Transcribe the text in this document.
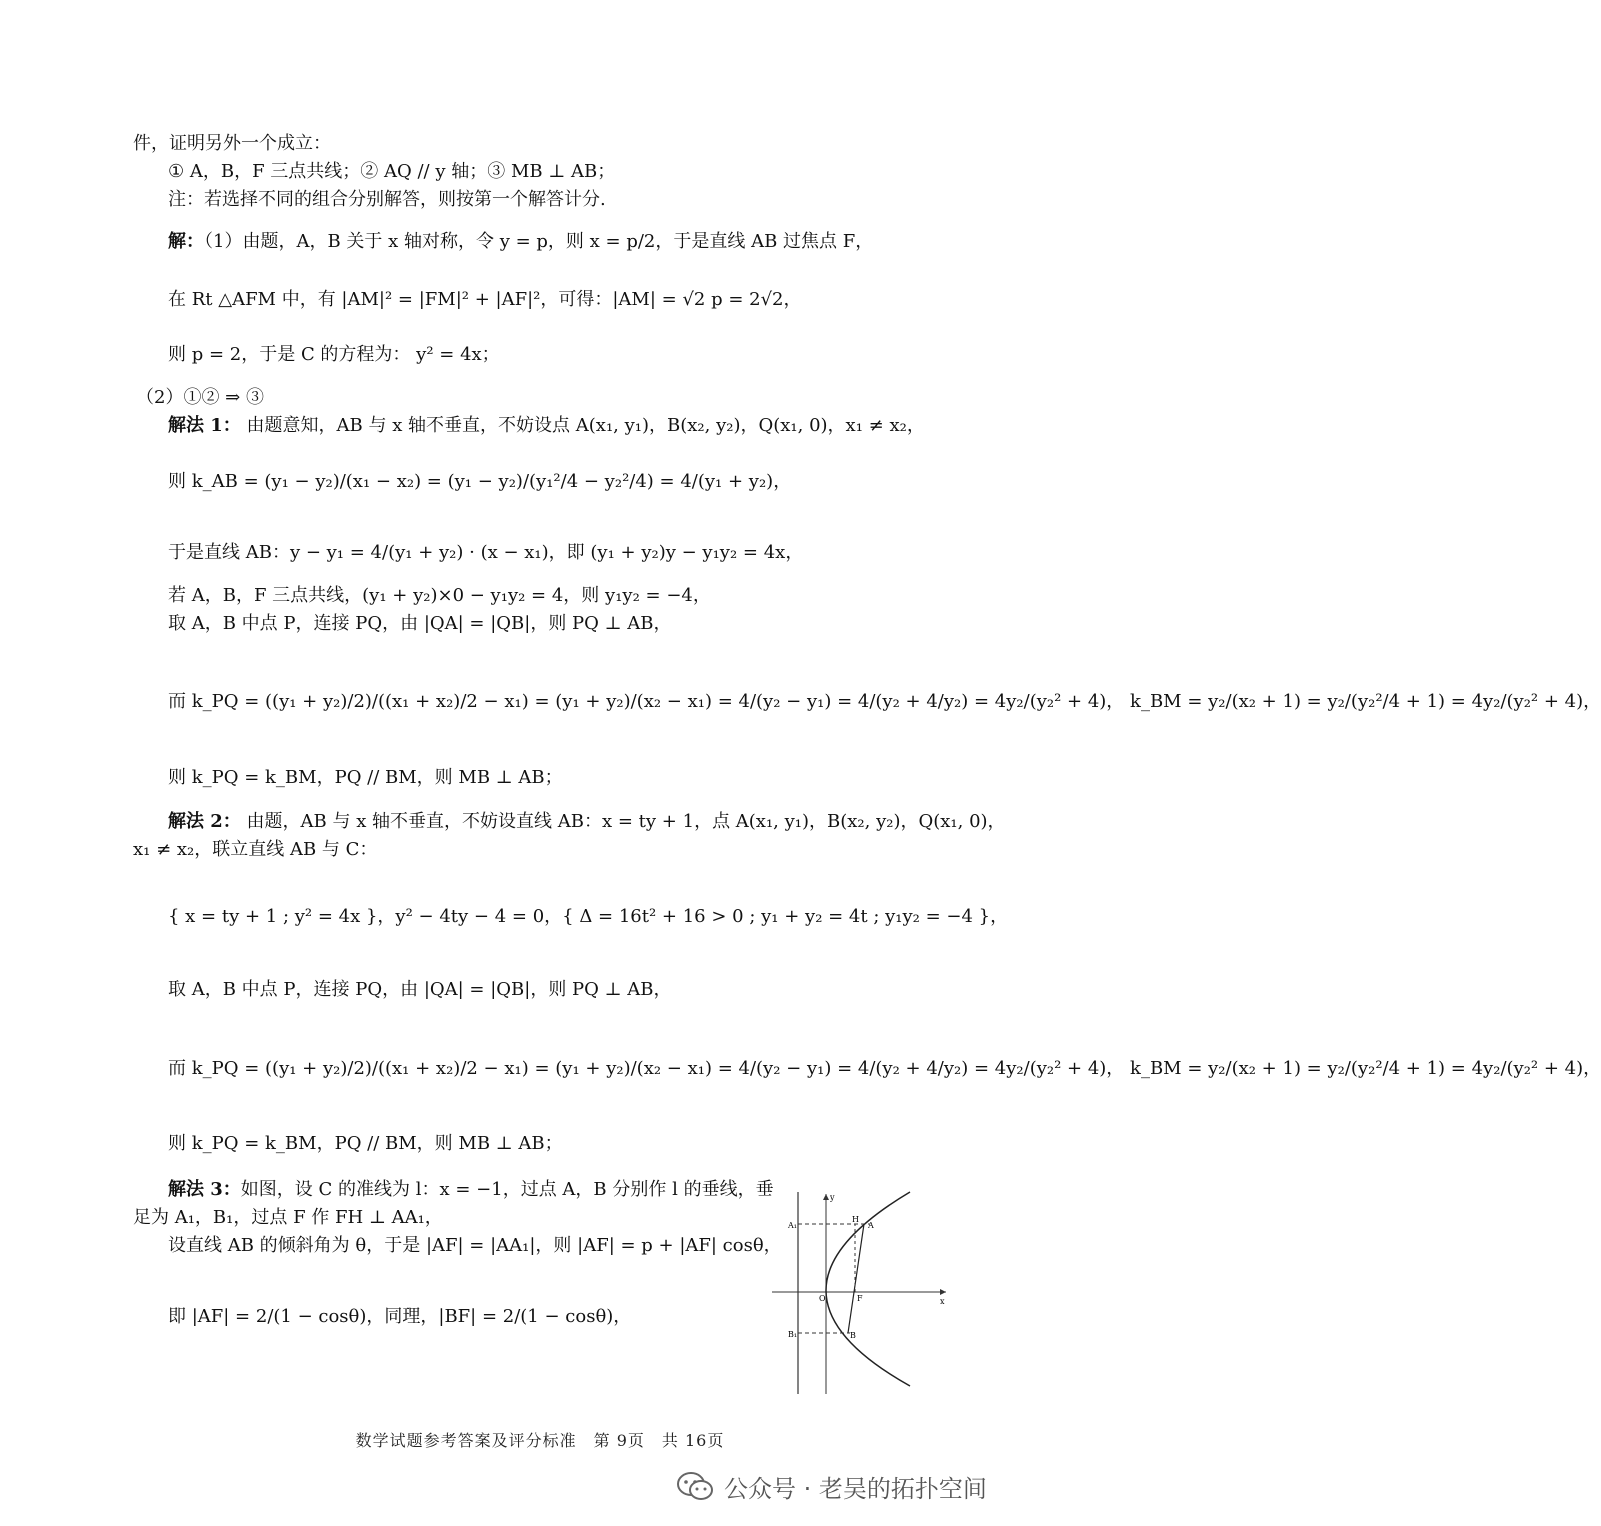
件，证明另外一个成立：
① A，B，F 三点共线；② AQ // y 轴；③ MB ⊥ AB；
注：若选择不同的组合分别解答，则按第一个解答计分.
解：（1）由题，A，B 关于 x 轴对称，令 y = p，则 x = p/2，于是直线 AB 过焦点 F，
在 Rt △AFM 中，有 |AM|² = |FM|² + |AF|²，可得：|AM| = √2 p = 2√2，
则 p = 2，于是 C 的方程为： y² = 4x；
（2）①② ⇒ ③
解法 1： 由题意知，AB 与 x 轴不垂直，不妨设点 A(x₁, y₁)，B(x₂, y₂)，Q(x₁, 0)，x₁ ≠ x₂，
则 k_AB = (y₁ − y₂)/(x₁ − x₂) = (y₁ − y₂)/(y₁²/4 − y₂²/4) = 4/(y₁ + y₂)，
于是直线 AB：y − y₁ = 4/(y₁ + y₂) · (x − x₁)，即 (y₁ + y₂)y − y₁y₂ = 4x，
若 A，B，F 三点共线，(y₁ + y₂)×0 − y₁y₂ = 4，则 y₁y₂ = −4，
取 A，B 中点 P，连接 PQ，由 |QA| = |QB|，则 PQ ⊥ AB，
而 k_PQ = ((y₁ + y₂)/2)/((x₁ + x₂)/2 − x₁) = (y₁ + y₂)/(x₂ − x₁) = 4/(y₂ − y₁) = 4/(y₂ + 4/y₂) = 4y₂/(y₂² + 4)， k_BM = y₂/(x₂ + 1) = y₂/(y₂²/4 + 1) = 4y₂/(y₂² + 4)，
则 k_PQ = k_BM，PQ // BM，则 MB ⊥ AB；
解法 2： 由题，AB 与 x 轴不垂直，不妨设直线 AB：x = ty + 1，点 A(x₁, y₁)，B(x₂, y₂)，Q(x₁, 0)，
x₁ ≠ x₂，联立直线 AB 与 C：
{ x = ty + 1 ; y² = 4x }，y² − 4ty − 4 = 0，{ Δ = 16t² + 16 > 0 ; y₁ + y₂ = 4t ; y₁y₂ = −4 }，
取 A，B 中点 P，连接 PQ，由 |QA| = |QB|，则 PQ ⊥ AB，
而 k_PQ = ((y₁ + y₂)/2)/((x₁ + x₂)/2 − x₁) = (y₁ + y₂)/(x₂ − x₁) = 4/(y₂ − y₁) = 4/(y₂ + 4/y₂) = 4y₂/(y₂² + 4)， k_BM = y₂/(x₂ + 1) = y₂/(y₂²/4 + 1) = 4y₂/(y₂² + 4)，
则 k_PQ = k_BM，PQ // BM，则 MB ⊥ AB；
解法 3：如图，设 C 的准线为 l：x = −1，过点 A，B 分别作 l 的垂线，垂
足为 A₁，B₁，过点 F 作 FH ⊥ AA₁，
设直线 AB 的倾斜角为 θ，于是 |AF| = |AA₁|，则 |AF| = p + |AF| cosθ，
即 |AF| = 2/(1 − cosθ)，同理，|BF| = 2/(1 − cosθ)，
A₁
B₁
H
A
B
O	F	x
y
数学试题参考答案及评分标准　第 9页　共 16页
公众号 · 老吴的拓扑空间
